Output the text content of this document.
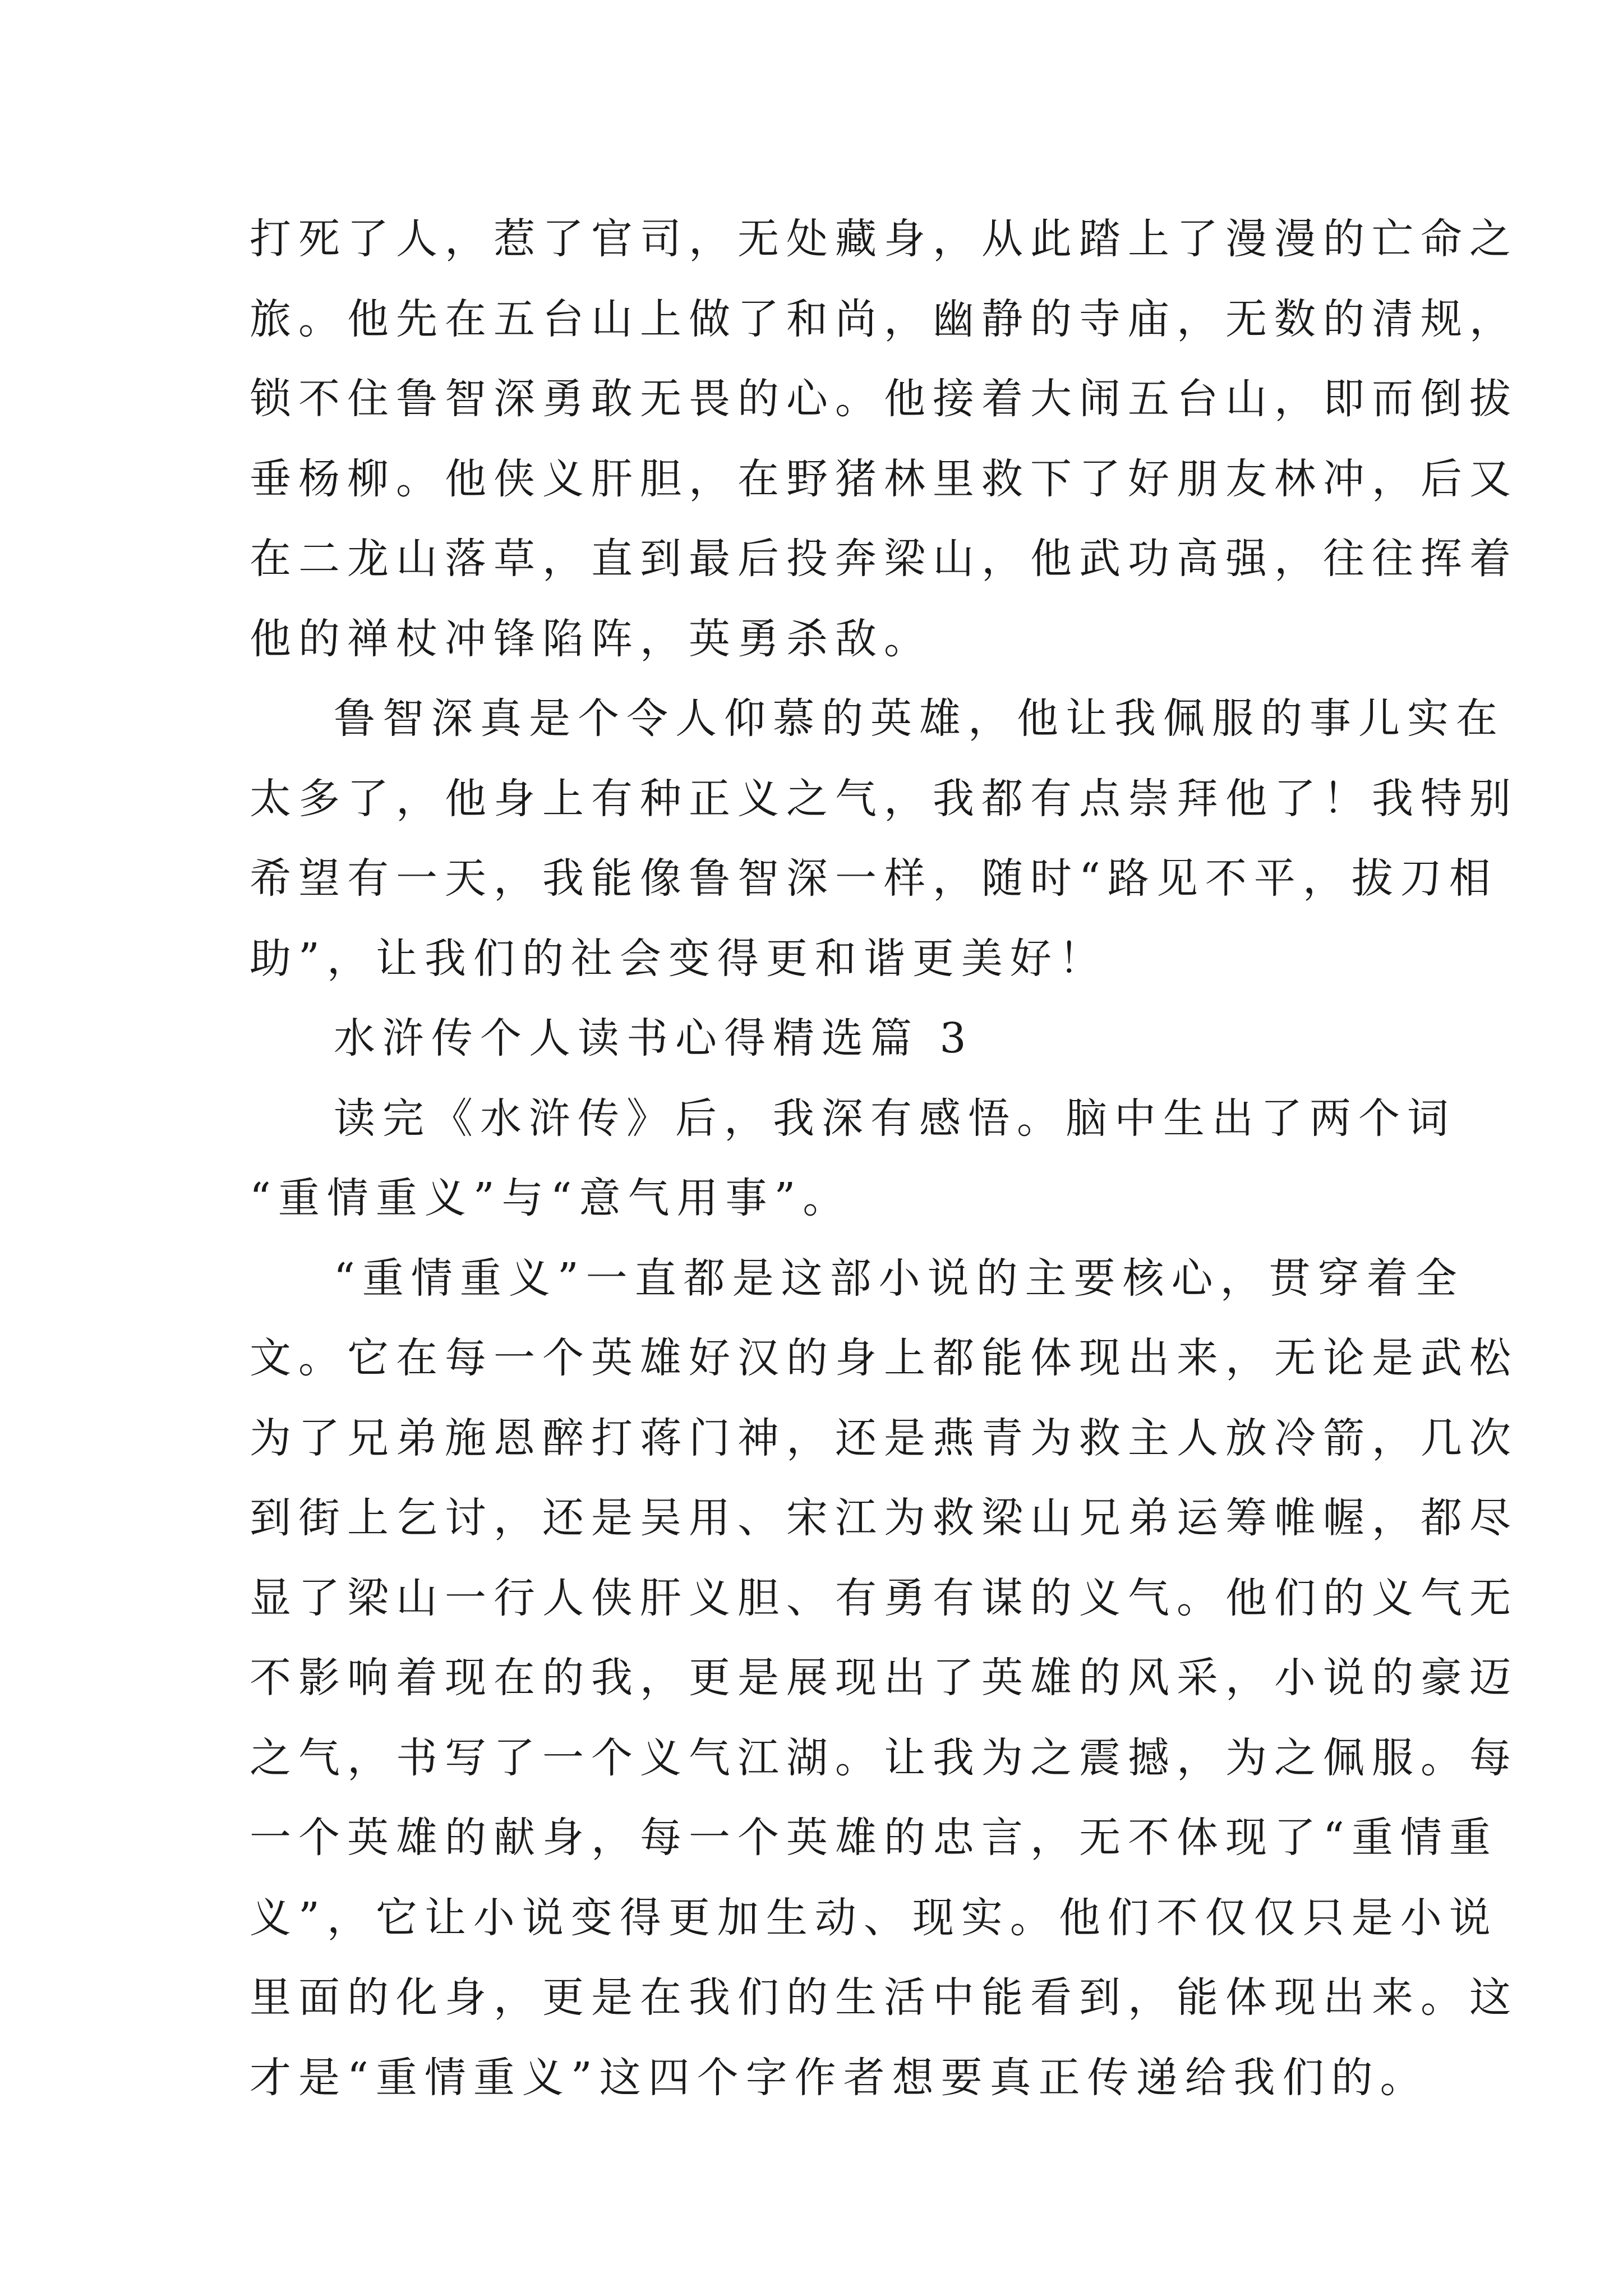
打死了人，惹了官司，无处藏身，从此踏上了漫漫的亡命之
旅。他先在五台山上做了和尚，幽静的寺庙，无数的清规，
锁不住鲁智深勇敢无畏的心。他接着大闹五台山，即而倒拔
垂杨柳。他侠义肝胆，在野猪林里救下了好朋友林冲，后又
在二龙山落草，直到最后投奔梁山，他武功高强，往往挥着
他的禅杖冲锋陷阵，英勇杀敌。
鲁智深真是个令人仰慕的英雄，他让我佩服的事儿实在
太多了，他身上有种正义之气，我都有点崇拜他了！我特别
希望有一天，我能像鲁智深一样，随时“路见不平，拔刀相
助”，让我们的社会变得更和谐更美好！
水浒传个人读书心得精选篇 3
读完《水浒传》后，我深有感悟。脑中生出了两个词
“重情重义”与“意气用事”。
“重情重义”一直都是这部小说的主要核心，贯穿着全
文。它在每一个英雄好汉的身上都能体现出来，无论是武松
为了兄弟施恩醉打蒋门神，还是燕青为救主人放冷箭，几次
到街上乞讨，还是吴用、宋江为救梁山兄弟运筹帷幄，都尽
显了梁山一行人侠肝义胆、有勇有谋的义气。他们的义气无
不影响着现在的我，更是展现出了英雄的风采，小说的豪迈
之气，书写了一个义气江湖。让我为之震撼，为之佩服。每
一个英雄的献身，每一个英雄的忠言，无不体现了“重情重
义”，它让小说变得更加生动、现实。他们不仅仅只是小说
里面的化身，更是在我们的生活中能看到，能体现出来。这
才是“重情重义”这四个字作者想要真正传递给我们的。
